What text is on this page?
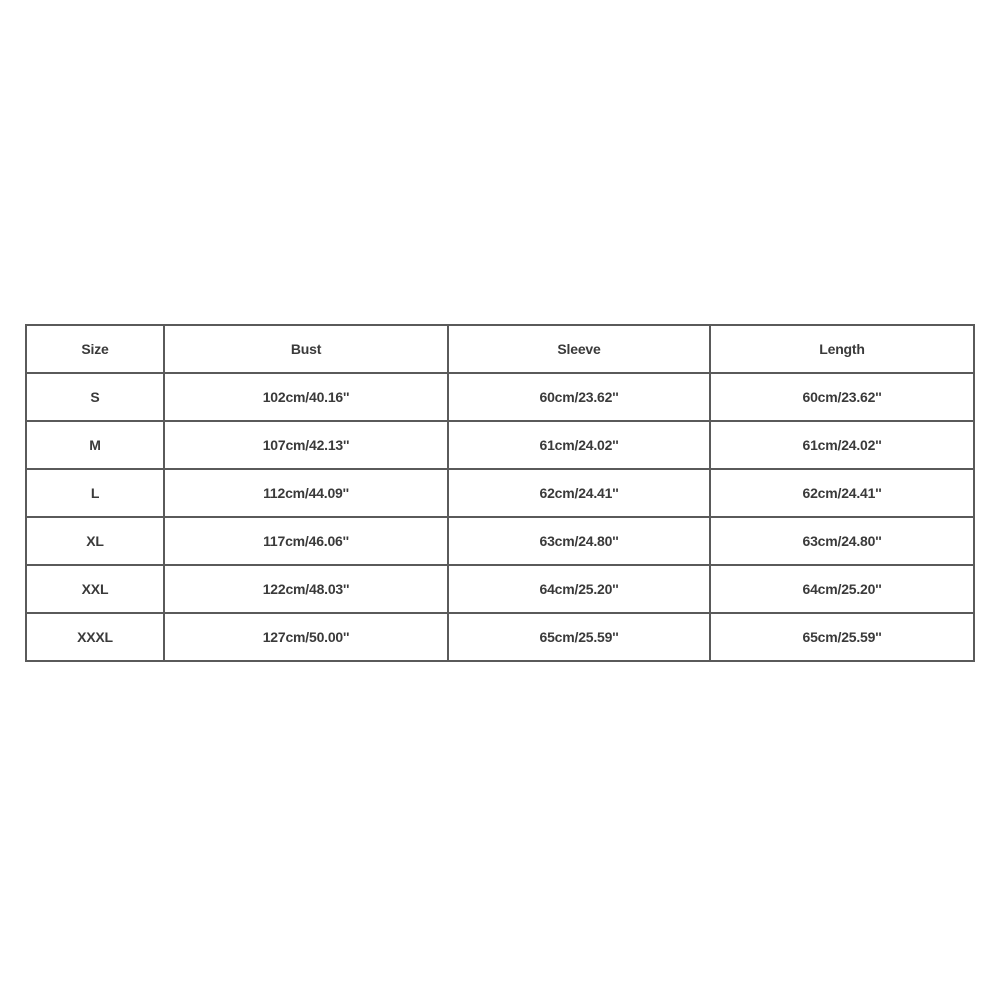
Size	Bust	Sleeve	Length
S	102cm/40.16''	60cm/23.62''	60cm/23.62''
M	107cm/42.13''	61cm/24.02''	61cm/24.02''
L	112cm/44.09''	62cm/24.41''	62cm/24.41''
XL	117cm/46.06''	63cm/24.80''	63cm/24.80''
XXL	122cm/48.03''	64cm/25.20''	64cm/25.20''
XXXL	127cm/50.00''	65cm/25.59''	65cm/25.59''
